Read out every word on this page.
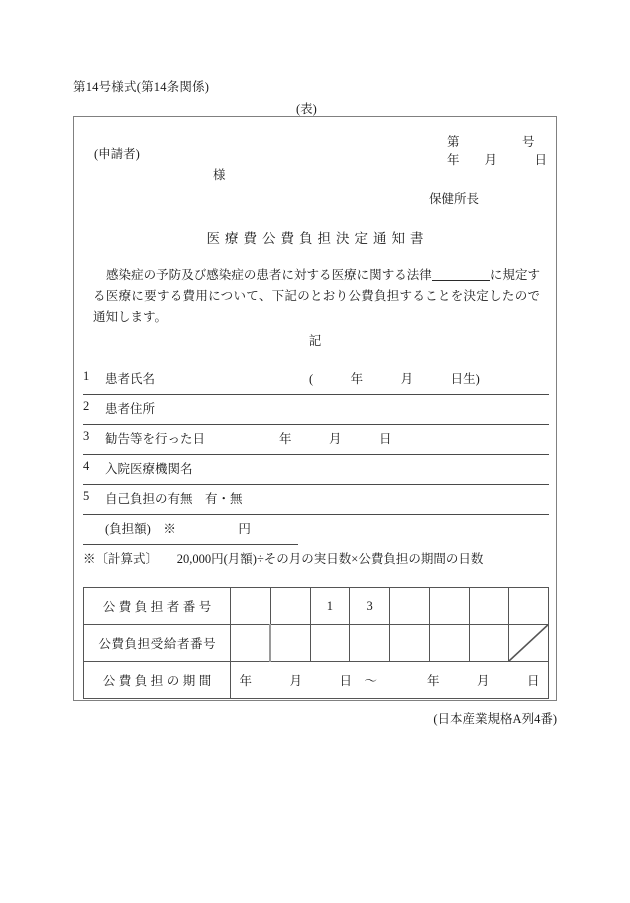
第14号様式(第14条関係)
(表)
(申請者)
様
第　　　　　号
年　　月　　　日
保健所長
医療費公費負担決定通知書
感染症の予防及び感染症の患者に対する医療に関する法律	に規定する医療に要する費用について、下記のとおり公費負担することを決定したので通知します。
記
1 患者氏名	(　　　年　　　月　　　日生)
2 患者住所
3 勧告等を行った日	年　　　月　　　日
4 入院医療機関名
5 自己負担の有無　有・無
(負担額)　※　　　　　円
※〔計算式〕　　20,000円(月額)÷その月の実日数×公費負担の期間の日数
公費負担者番号			1	3				
公費負担受給者番号								

公費負担の期間	年　　　月　　　日　〜　　　　年　　　月　　　日							
(日本産業規格A列4番)
